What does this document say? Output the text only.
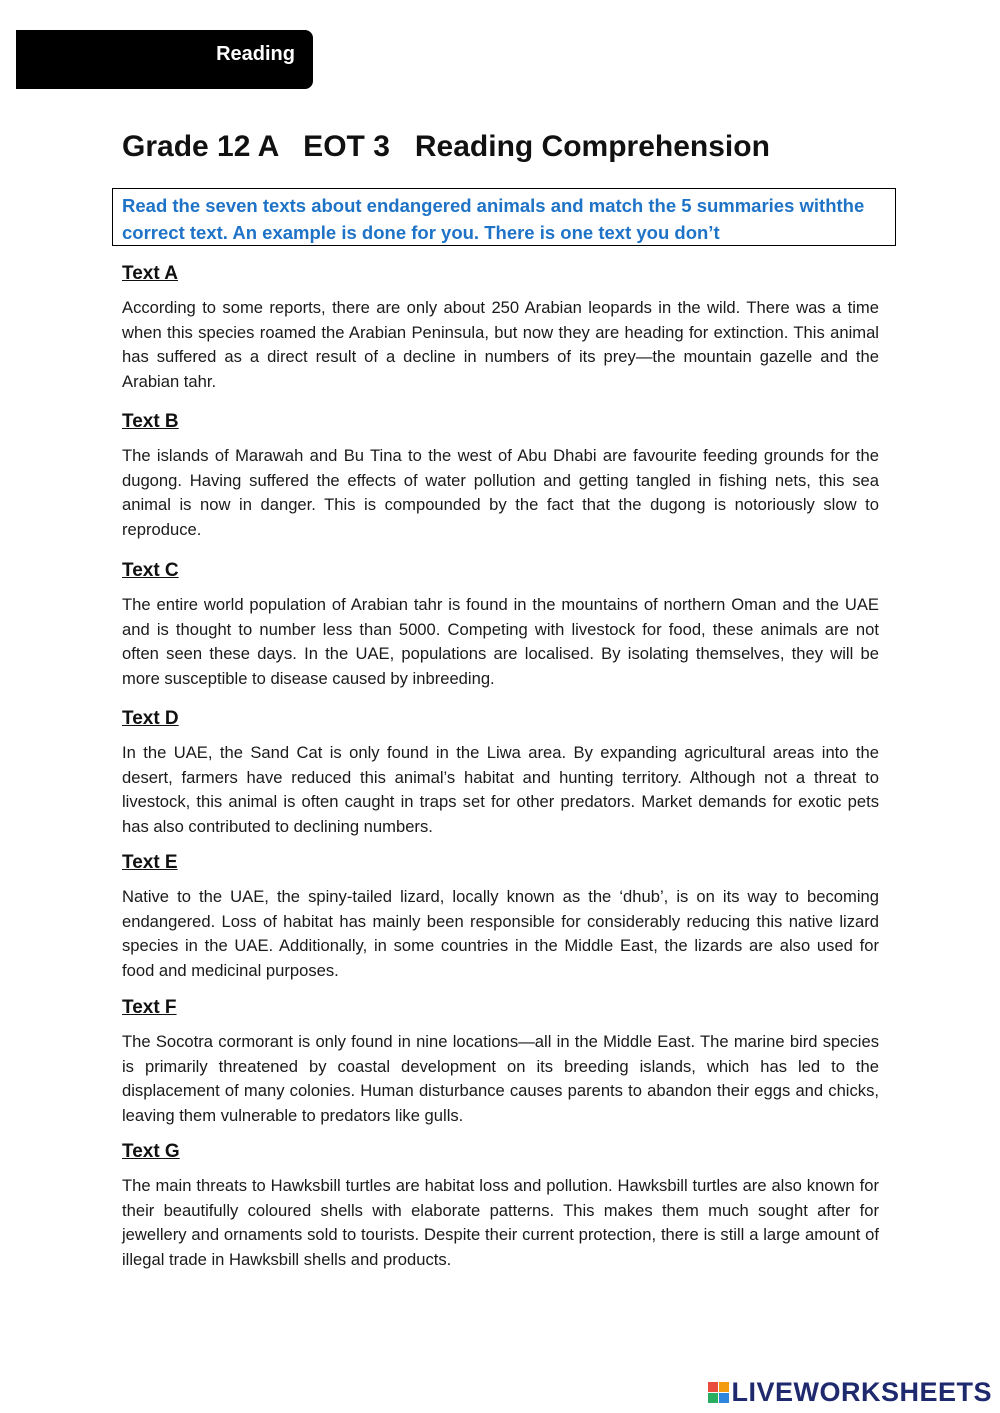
Reading
Grade 12 A   EOT 3   Reading Comprehension

Read the seven texts about endangered animals and match the 5 summaries withthe correct text. An example is done for you. There is one text you don’t

Text A

According to some reports, there are only about 250 Arabian leopards in the wild. There was a time when this species roamed the Arabian Peninsula, but now they are heading for extinction. This animal has suffered as a direct result of a decline in numbers of its prey—the mountain gazelle and the Arabian tahr.

Text B

The islands of Marawah and Bu Tina to the west of Abu Dhabi are favourite feeding grounds for the dugong. Having suffered the effects of water pollution and getting tangled in fishing nets, this sea animal is now in danger. This is compounded by the fact that the dugong is notoriously slow to reproduce.

Text C

The entire world population of Arabian tahr is found in the mountains of northern Oman and the UAE and is thought to number less than 5000. Competing with livestock for food, these animals are not often seen these days. In the UAE, populations are localised. By isolating themselves, they will be more susceptible to disease caused by inbreeding.

Text D

In the UAE, the Sand Cat is only found in the Liwa area. By expanding agricultural areas into the desert, farmers have reduced this animal’s habitat and hunting territory. Although not a threat to livestock, this animal is often caught in traps set for other predators. Market demands for exotic pets has also contributed to declining numbers.

Text E

Native to the UAE, the spiny-tailed lizard, locally known as the ‘dhub’, is on its way to becoming endangered. Loss of habitat has mainly been responsible for considerably reducing this native lizard species in the UAE. Additionally, in some countries in the Middle East, the lizards are also used for food and medicinal purposes.

Text F

The Socotra cormorant is only found in nine locations—all in the Middle East. The marine bird species is primarily threatened by coastal development on its breeding islands, which has led to the displacement of many colonies. Human disturbance causes parents to abandon their eggs and chicks, leaving them vulnerable to predators like gulls.

Text G

The main threats to Hawksbill turtles are habitat loss and pollution. Hawksbill turtles are also known for their beautifully coloured shells with elaborate patterns. This makes them much sought after for jewellery and ornaments sold to tourists. Despite their current protection, there is still a large amount of illegal trade in Hawksbill shells and products.

LIVEWORKSHEETS
